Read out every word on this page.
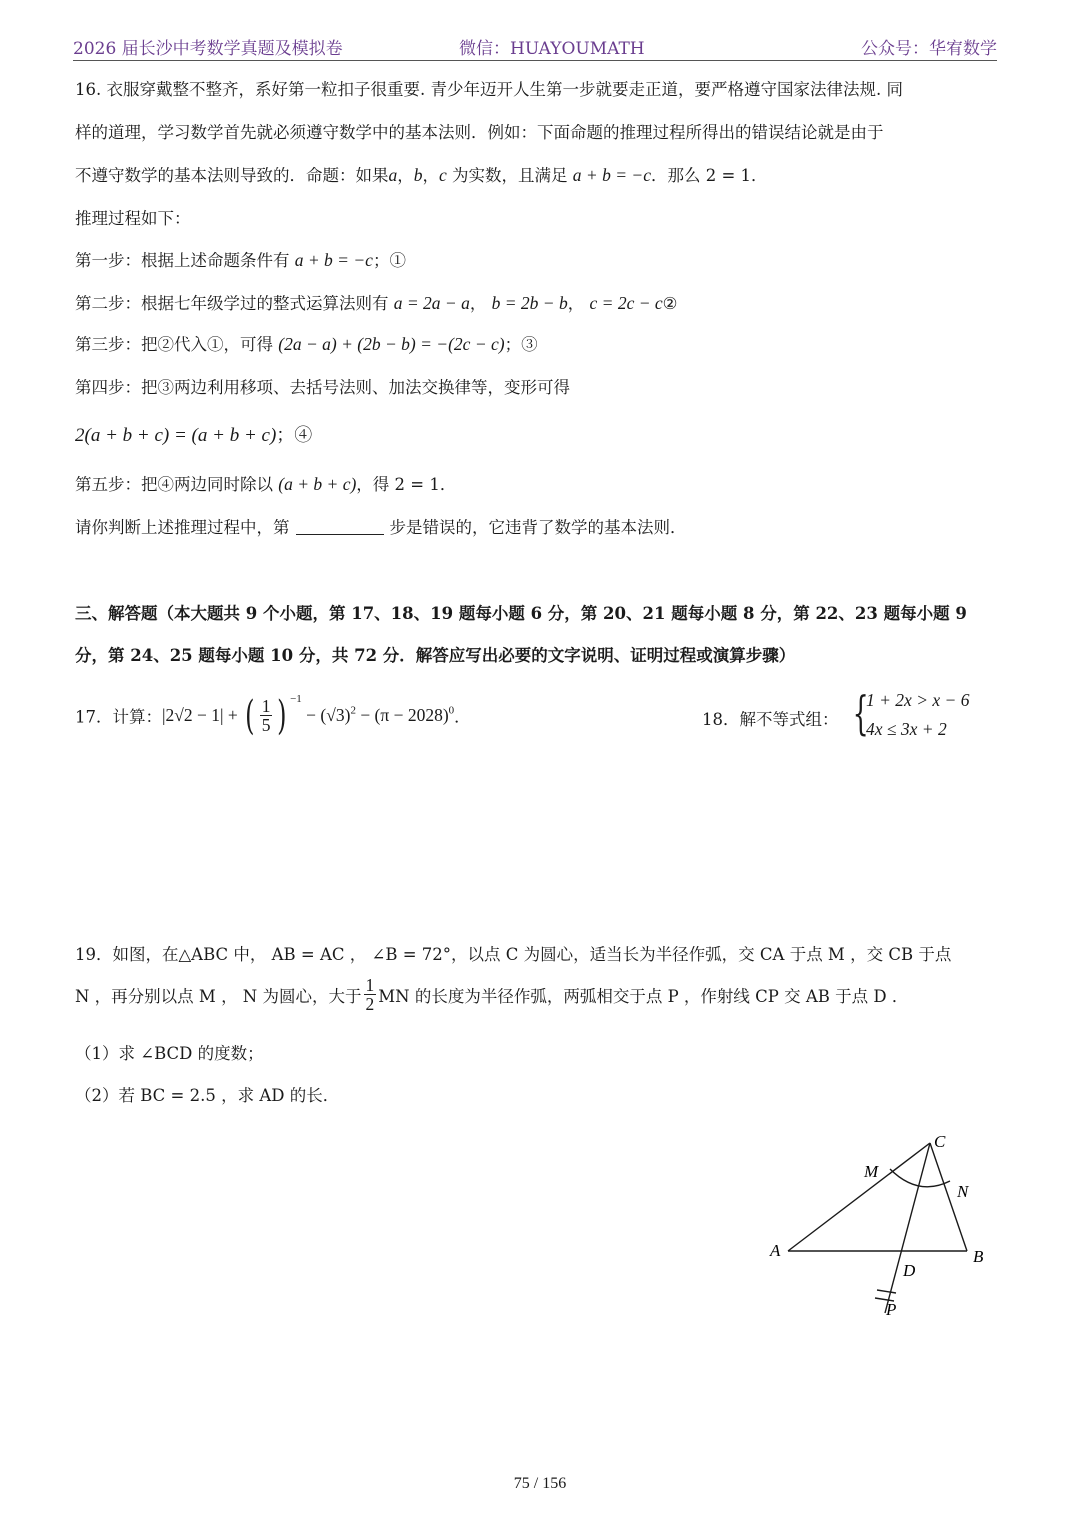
2026 届长沙中考数学真题及模拟卷	微信：HUAYOUMATH	公众号：华宥数学
16. 衣服穿戴整不整齐，系好第一粒扣子很重要. 青少年迈开人生第一步就要走正道，要严格遵守国家法律法规. 同
样的道理，学习数学首先就必须遵守数学中的基本法则．例如：下面命题的推理过程所得出的错误结论就是由于
不遵守数学的基本法则导致的．命题：如果a，b，c 为实数，且满足 a + b = −c．那么 2 = 1．
推理过程如下：
第一步：根据上述命题条件有 a + b = −c；①
第二步：根据七年级学过的整式运算法则有 a = 2a − a， b = 2b − b， c = 2c − c②
第三步：把②代入①，可得 (2a − a) + (2b − b) = −(2c − c)；③
第四步：把③两边利用移项、去括号法则、加法交换律等，变形可得
2(a + b + c) = (a + b + c)；④
第五步：把④两边同时除以 (a + b + c)，得 2 = 1．
请你判断上述推理过程中，第	步是错误的，它违背了数学的基本法则．
三、解答题（本大题共 9 个小题，第 17、18、19 题每小题 6 分，第 20、21 题每小题 8 分，第 22、23 题每小题 9
分，第 24、25 题每小题 10 分，共 72 分．解答应写出必要的文字说明、证明过程或演算步骤）
17．计算：|2√2 − 1| + ( $\frac{1}{5}$ ) $^{-1} - (√3)^2 - (\pi - 2028)^0$．	18．解不等式组： {
1 + 2x > x − 6
4x ≤ 3x + 2
19．如图，在△ABC 中， AB = AC ， ∠B = 72°，以点 C 为圆心，适当长为半径作弧，交 CA 于点 M ，交 CB 于点
N ，再分别以点 M ， N 为圆心，大于 $\frac{1}{2}$ MN 的长度为半径作弧，两弧相交于点 P ，作射线 CP 交 AB 于点 D ．
（1）求 ∠BCD 的度数；
（2）若 BC = 2.5 ，求 AD 的长．
A	B
C
M
N
D
P
75 / 156
